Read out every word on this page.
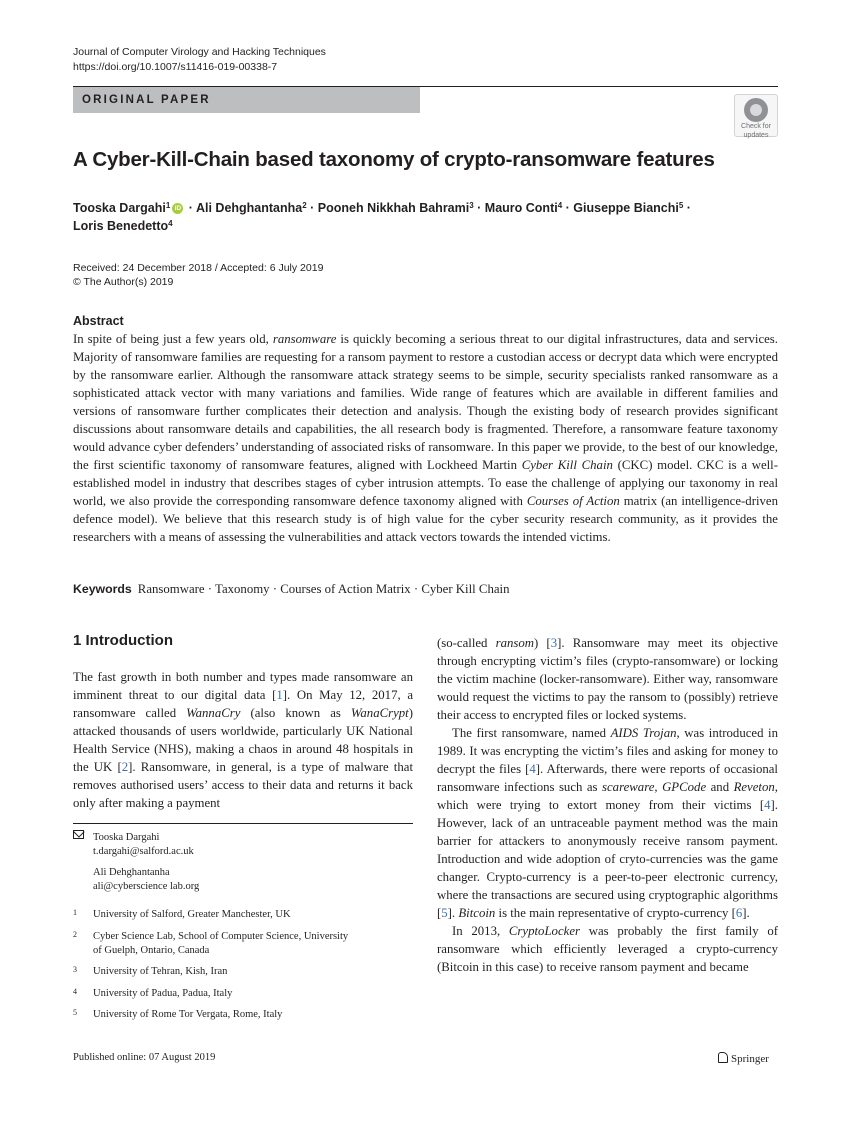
Journal of Computer Virology and Hacking Techniques
https://doi.org/10.1007/s11416-019-00338-7
ORIGINAL PAPER
Check for
updates
A Cyber-Kill-Chain based taxonomy of crypto-ransomware features
Tooska Dargahi$^1$ iD · Ali Dehghantanha$^2$ · Pooneh Nikkhah Bahrami$^3$ · Mauro Conti$^4$ · Giuseppe Bianchi$^5$ ·
Loris Benedetto$^4$
Received: 24 December 2018 / Accepted: 6 July 2019
© The Author(s) 2019
Abstract
In spite of being just a few years old, ransomware is quickly becoming a serious threat to our digital infrastructures, data and services. Majority of ransomware families are requesting for a ransom payment to restore a custodian access or decrypt data which were encrypted by the ransomware earlier. Although the ransomware attack strategy seems to be simple, security specialists ranked ransomware as a sophisticated attack vector with many variations and families. Wide range of features which are available in different families and versions of ransomware further complicates their detection and analysis. Though the existing body of research provides significant discussions about ransomware details and capabilities, the all research body is fragmented. Therefore, a ransomware feature taxonomy would advance cyber defenders’ understanding of associated risks of ransomware. In this paper we provide, to the best of our knowledge, the first scientific taxonomy of ransomware features, aligned with Lockheed Martin Cyber Kill Chain (CKC) model. CKC is a well-established model in industry that describes stages of cyber intrusion attempts. To ease the challenge of applying our taxonomy in real world, we also provide the corresponding ransomware defence taxonomy aligned with Courses of Action matrix (an intelligence-driven defence model). We believe that this research study is of high value for the cyber security research community, as it provides the researchers with a means of assessing the vulnerabilities and attack vectors towards the intended victims.
Keywords Ransomware · Taxonomy · Courses of Action Matrix · Cyber Kill Chain
1 Introduction
The fast growth in both number and types made ransomware an imminent threat to our digital data [1]. On May 12, 2017, a ransomware called WannaCry (also known as WanaCrypt) attacked thousands of users worldwide, particularly UK National Health Service (NHS), making a chaos in around 48 hospitals in the UK [2]. Ransomware, in general, is a type of malware that removes authorised users’ access to their data and returns it back only after making a payment

(so-called ransom) [3]. Ransomware may meet its objective through encrypting victim’s files (crypto-ransomware) or locking the victim machine (locker-ransomware). Either way, ransomware would request the victims to pay the ransom to (possibly) retrieve their access to encrypted files or locked systems.

The first ransomware, named AIDS Trojan, was introduced in 1989. It was encrypting the victim’s files and asking for money to decrypt the files [4]. Afterwards, there were reports of occasional ransomware infections such as scareware, GPCode and Reveton, which were trying to extort money from their victims [4]. However, lack of an untraceable payment method was the main barrier for attackers to anonymously receive ransom payment. Introduction and wide adoption of cryto-currencies was the game changer. Crypto-currency is a peer-to-peer electronic currency, where the transactions are secured using cryptographic algorithms [5]. Bitcoin is the main representative of crypto-currency [6].

In 2013, CryptoLocker was probably the first family of ransomware which efficiently leveraged a crypto-currency (Bitcoin in this case) to receive ransom payment and became

Tooska Dargahi
t.dargahi@salford.ac.uk

Ali Dehghantanha
ali@cyberscience lab.org

1 University of Salford, Greater Manchester, UK
2 Cyber Science Lab, School of Computer Science, University
of Guelph, Ontario, Canada
3 University of Tehran, Kish, Iran
4 University of Padua, Padua, Italy
5 University of Rome Tor Vergata, Rome, Italy
Published online: 07 August 2019	Springer
